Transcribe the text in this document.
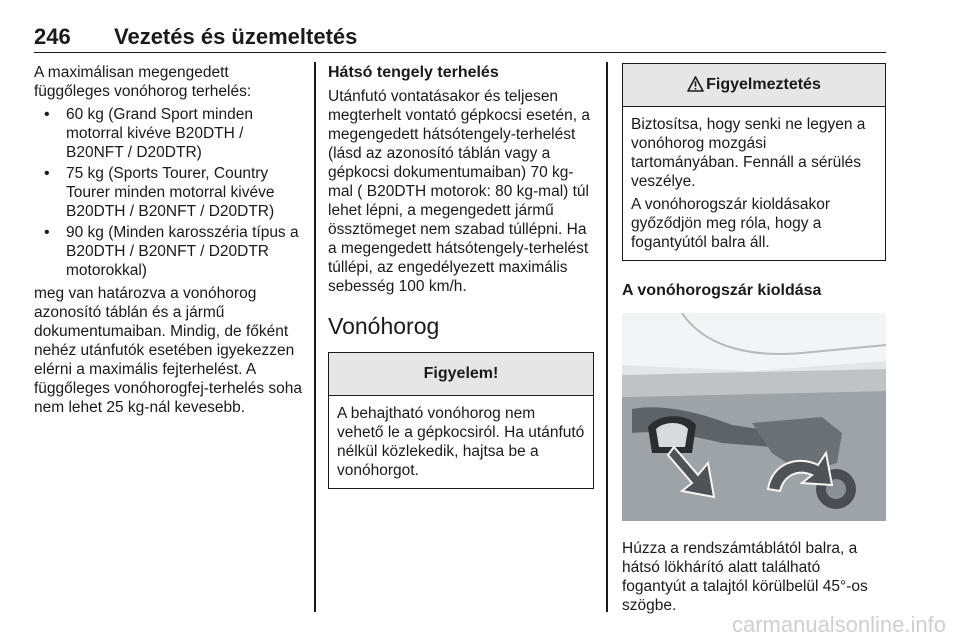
246 Vezetés és üzemeltetés

A maximálisan megengedett függőleges vonóhorog terhelés:

• 60 kg (Grand Sport minden motorral kivéve B20DTH / B20NFT / D20DTR)
• 75 kg (Sports Tourer, Country Tourer minden motorral kivéve B20DTH / B20NFT / D20DTR)
• 90 kg (Minden karosszéria típus a B20DTH / B20NFT / D20DTR motorokkal)

meg van határozva a vonóhorog azonosító táblán és a jármű dokumentumaiban. Mindig, de főként nehéz utánfutók esetében igyekezzen elérni a maximális fejterhelést. A függőleges vonóhorogfej-terhelés soha nem lehet 25 kg-nál kevesebb.

Hátsó tengely terhelés

Utánfutó vontatásakor és teljesen megterhelt vontató gépkocsi esetén, a megengedett hátsótengely-terhelést (lásd az azonosító táblán vagy a gépkocsi dokumentumaiban) 70 kg-mal ( B20DTH motorok: 80 kg-mal) túl lehet lépni, a megengedett jármű össztömeget nem szabad túllépni. Ha a megengedett hátsótengely-terhelést túllépi, az engedélyezett maximális sebesség 100 km/h.

Vonóhorog
Figyelem!

A behajtható vonóhorog nem vehető le a gépkocsiról. Ha utánfutó nélkül közlekedik, hajtsa be a vonóhorgot.

Figyelmeztetés

Biztosítsa, hogy senki ne legyen a vonóhorog mozgási tartományában. Fennáll a sérülés veszélye.

A vonóhorogszár kioldásakor győződjön meg róla, hogy a fogantyútól balra áll.

A vonóhorogszár kioldása

Húzza a rendszámtáblától balra, a hátsó lökhárító alatt található fogantyút a talajtól körülbelül 45°-os szögbe.

carmanualsonline.info
